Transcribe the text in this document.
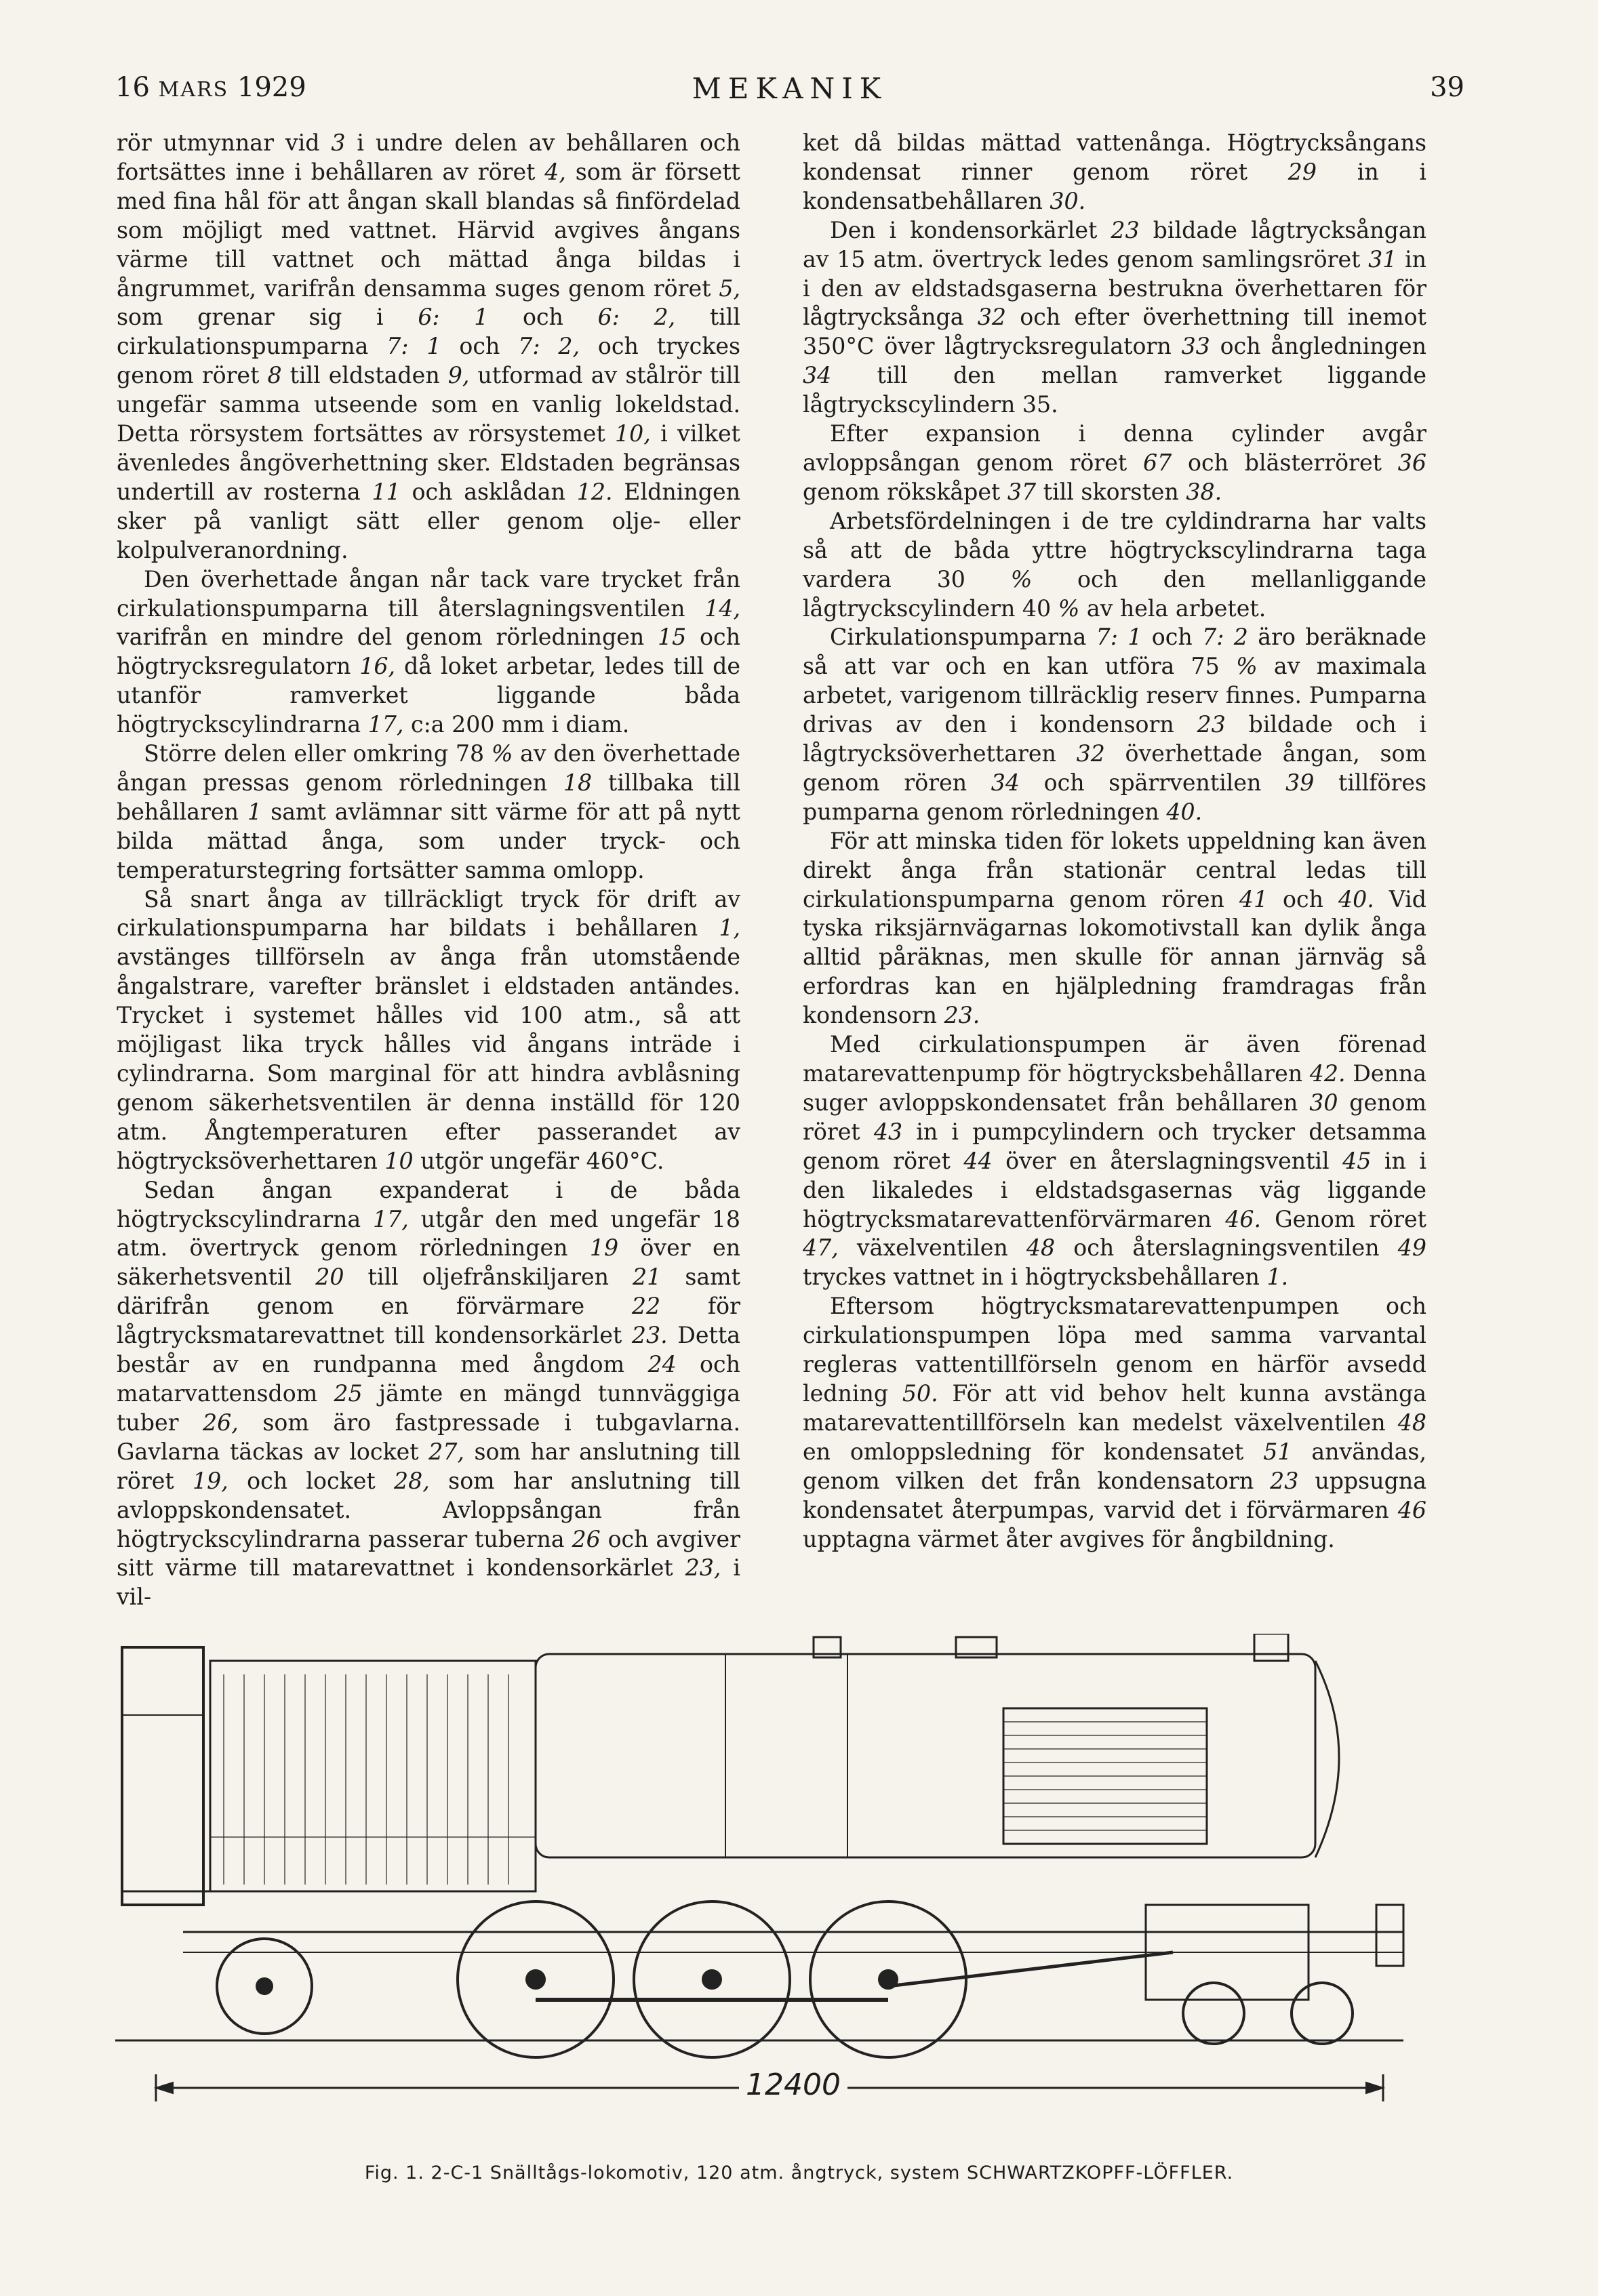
16 MARS 1929	MEKANIK	39

rör utmynnar vid 3 i undre delen av behållaren och fortsättes inne i behållaren av röret 4, som är försett med fina hål för att ångan skall blandas så finfördelad som möjligt med vattnet. Härvid avgives ångans värme till vattnet och mättad ånga bildas i ångrummet, varifrån densamma suges genom röret 5, som grenar sig i 6: 1 och 6: 2, till cirkulationspumparna 7: 1 och 7: 2, och tryckes genom röret 8 till eldstaden 9, utformad av stålrör till ungefär samma utseende som en vanlig lokeldstad. Detta rörsystem fortsättes av rörsystemet 10, i vilket ävenledes ångöverhettning sker. Eldstaden begränsas undertill av rosterna 11 och asklådan 12. Eldningen sker på vanligt sätt eller genom olje- eller kolpulveranordning.

Den överhettade ångan når tack vare trycket från cirkulationspumparna till återslagningsventilen 14, varifrån en mindre del genom rörledningen 15 och högtrycksregulatorn 16, då loket arbetar, ledes till de utanför ramverket liggande båda högtryckscylindrarna 17, c:a 200 mm i diam.

Större delen eller omkring 78 % av den överhettade ångan pressas genom rörledningen 18 tillbaka till behållaren 1 samt avlämnar sitt värme för att på nytt bilda mättad ånga, som under tryck- och temperaturstegring fortsätter samma omlopp.

Så snart ånga av tillräckligt tryck för drift av cirkulationspumparna har bildats i behållaren 1, avstänges tillförseln av ånga från utomstående ångalstrare, varefter bränslet i eldstaden antändes. Trycket i systemet hålles vid 100 atm., så att möjligast lika tryck hålles vid ångans inträde i cylindrarna. Som marginal för att hindra avblåsning genom säkerhetsventilen är denna inställd för 120 atm. Ångtemperaturen efter passerandet av högtrycksöverhettaren 10 utgör ungefär 460°C.

Sedan ångan expanderat i de båda högtryckscylindrarna 17, utgår den med ungefär 18 atm. övertryck genom rörledningen 19 över en säkerhetsventil 20 till oljefrånskiljaren 21 samt därifrån genom en förvärmare 22 för lågtrycksmatarevattnet till kondensorkärlet 23. Detta består av en rundpanna med ångdom 24 och matarvattensdom 25 jämte en mängd tunnväggiga tuber 26, som äro fastpressade i tubgavlarna. Gavlarna täckas av locket 27, som har anslutning till röret 19, och locket 28, som har anslutning till avloppskondensatet. Avloppsångan från högtryckscylindrarna passerar tuberna 26 och avgiver sitt värme till matarevattnet i kondensorkärlet 23, i vil-

ket då bildas mättad vattenånga. Högtrycksångans kondensat rinner genom röret 29 in i kondensatbehållaren 30.

Den i kondensorkärlet 23 bildade lågtrycksångan av 15 atm. övertryck ledes genom samlingsröret 31 in i den av eldstadsgaserna bestrukna överhettaren för lågtrycksånga 32 och efter överhettning till inemot 350°C över lågtrycksregulatorn 33 och ångledningen 34 till den mellan ramverket liggande lågtryckscylindern 35.

Efter expansion i denna cylinder avgår avloppsångan genom röret 67 och blästerröret 36 genom rökskåpet 37 till skorsten 38.

Arbetsfördelningen i de tre cyldindrarna har valts så att de båda yttre högtryckscylindrarna taga vardera 30 % och den mellanliggande lågtryckscylindern 40 % av hela arbetet.

Cirkulationspumparna 7: 1 och 7: 2 äro beräknade så att var och en kan utföra 75 % av maximala arbetet, varigenom tillräcklig reserv finnes. Pumparna drivas av den i kondensorn 23 bildade och i lågtrycksöverhettaren 32 överhettade ångan, som genom rören 34 och spärrventilen 39 tillföres pumparna genom rörledningen 40.

För att minska tiden för lokets uppeldning kan även direkt ånga från stationär central ledas till cirkulationspumparna genom rören 41 och 40. Vid tyska riksjärnvägarnas lokomotivstall kan dylik ånga alltid påräknas, men skulle för annan järnväg så erfordras kan en hjälpledning framdragas från kondensorn 23.

Med cirkulationspumpen är även förenad matarevattenpump för högtrycksbehållaren 42. Denna suger avloppskondensatet från behållaren 30 genom röret 43 in i pumpcylindern och trycker detsamma genom röret 44 över en återslagningsventil 45 in i den likaledes i eldstadsgasernas väg liggande högtrycksmatarevattenförvärmaren 46. Genom röret 47, växelventilen 48 och återslagningsventilen 49 tryckes vattnet in i högtrycksbehållaren 1.

Eftersom högtrycksmatarevattenpumpen och cirkulationspumpen löpa med samma varvantal regleras vattentillförseln genom en härför avsedd ledning 50. För att vid behov helt kunna avstänga matarevattentillförseln kan medelst växelventilen 48 en omloppsledning för kondensatet 51 användas, genom vilken det från kondensatorn 23 uppsugna kondensatet återpumpas, varvid det i förvärmaren 46 upptagna värmet åter avgives för ångbildning.

12400
Fig. 1. 2-C-1 Snälltågs-lokomotiv, 120 atm. ångtryck, system SCHWARTZKOPFF-LÖFFLER.
